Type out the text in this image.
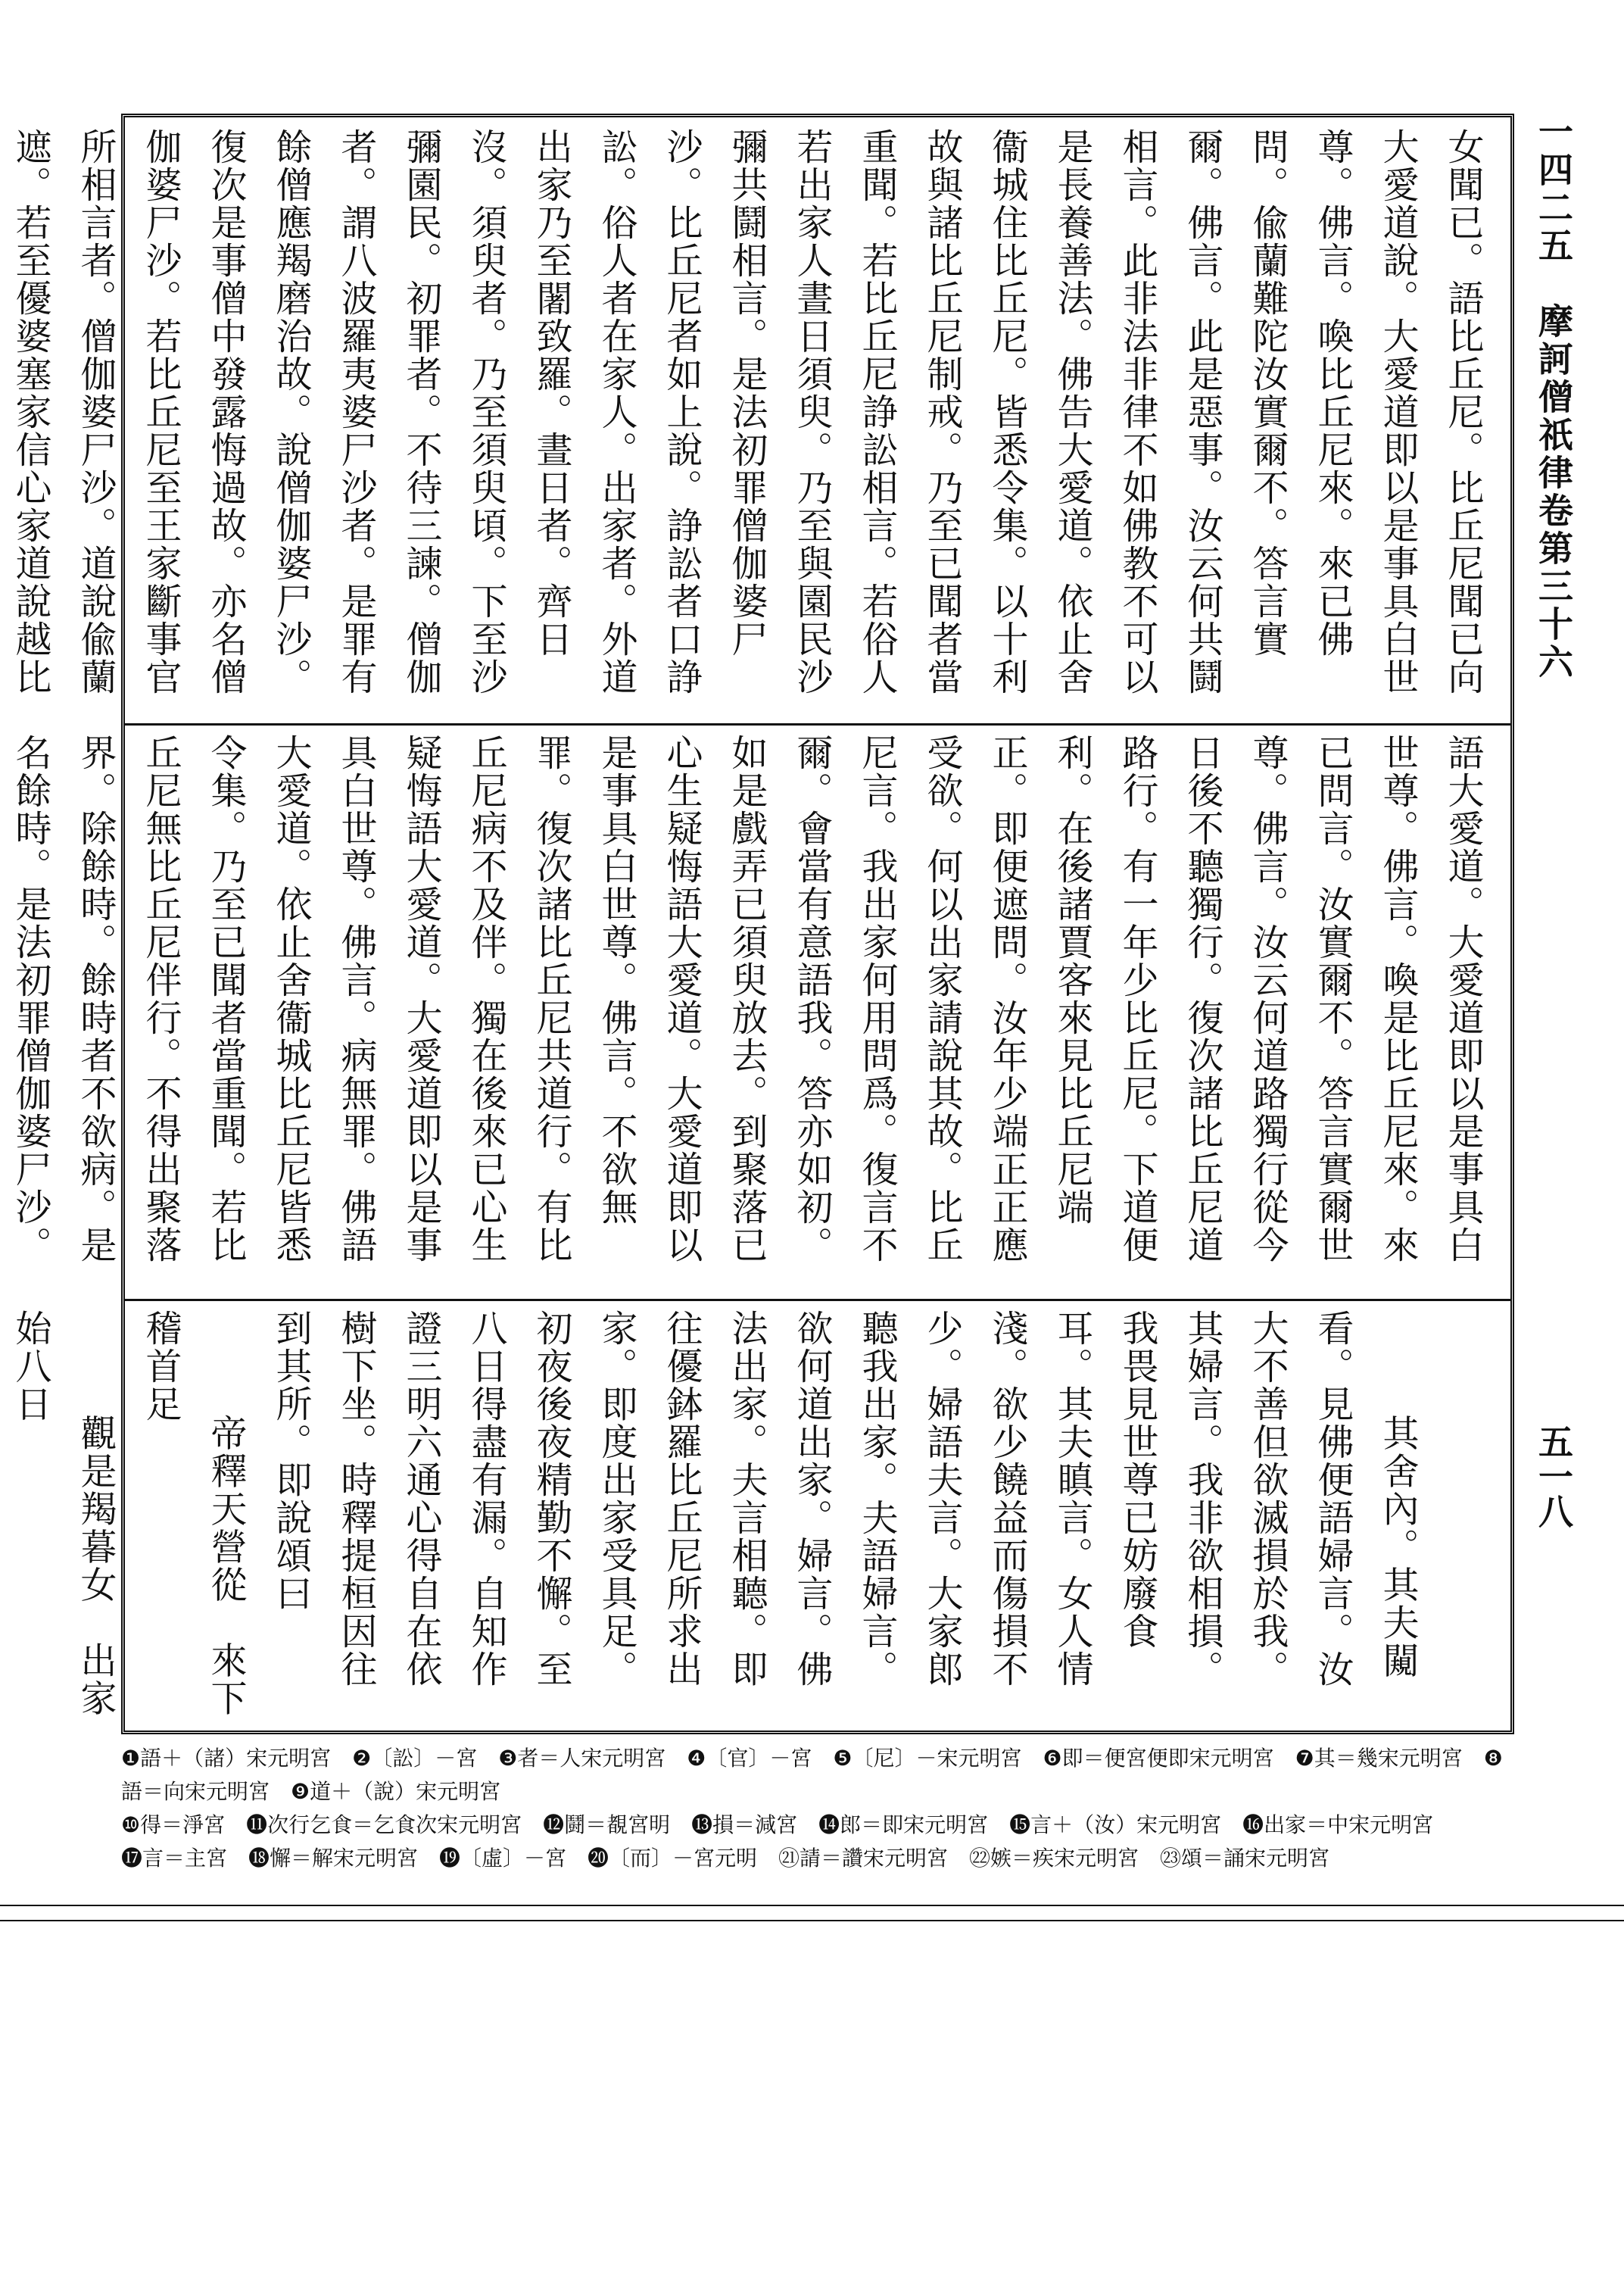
一四二五　摩訶僧祇律卷第三十六
五一八
女聞已。語比丘尼。比丘尼聞已向大愛道說。大愛道即以是事具白世尊。佛言。喚比丘尼來。來已佛問。偸蘭難陀汝實爾不。答言實爾。佛言。此是惡事。汝云何共鬪相言。此非法非律不如佛教不可以是長養善法。佛告大愛道。依止舍衞城住比丘尼。皆悉令集。以十利故與諸比丘尼制戒。乃至已聞者當重聞。若比丘尼諍訟相言。若俗人若出家人晝日須臾。乃至與園民沙彌共鬪相言。是法初罪僧伽婆尸沙。比丘尼者如上說。諍訟者口諍訟。俗人者在家人。出家者。外道出家乃至闍致羅。晝日者。齊日沒。須臾者。乃至須臾頃。下至沙彌園民。初罪者。不待三諫。僧伽者。謂八波羅夷婆尸沙者。是罪有餘僧應羯磨治故。說僧伽婆尸沙。復次是事僧中發露悔過故。亦名僧伽婆尸沙。若比丘尼至王家斷事官所相言者。僧伽婆尸沙。道說偸蘭遮。若至優婆塞家信心家道說越比
語大愛道。大愛道即以是事具白世尊。佛言。喚是比丘尼來。來已問言。汝實爾不。答言實爾世尊。佛言。汝云何道路獨行從今日後不聽獨行。復次諸比丘尼道路行。有一年少比丘尼。下道便利。在後諸賈客來見比丘尼端正。即便遮問。汝年少端正正應受欲。何以出家請說其故。比丘尼言。我出家何用問爲。復言不爾。會當有意語我。答亦如初。如是戲弄已須臾放去。到聚落已心生疑悔語大愛道。大愛道即以是事具白世尊。佛言。不欲無罪。復次諸比丘尼共道行。有比丘尼病不及伴。獨在後來已心生疑悔語大愛道。大愛道即以是事具白世尊。佛言。病無罪。佛語大愛道。依止舍衞城比丘尼皆悉令集。乃至已聞者當重聞。若比丘尼無比丘尼伴行。不得出聚落界。除餘時。餘時者不欲病。是名餘時。是法初罪僧伽婆尸沙。

其舍內。其夫闚看。見佛便語婦言。汝大不善但欲滅損於我。其婦言。我非欲相損。我畏見世尊已妨廢食耳。其夫瞋言。女人情淺。欲少饒益而傷損不少。婦語夫言。大家郎聽我出家。夫語婦言。欲何道出家。婦言。佛法出家。夫言相聽。即往優鉢羅比丘尼所求出家。即度出家受具足。初夜後夜精勤不懈。至八日得盡有漏。自知作證三明六通心得自在依樹下坐。時釋提桓因往到其所。即說頌曰
帝釋天營從　來下稽首足
觀是羯暮女　出家始八日

❶語＋（諸）宋元明宮　❷〔訟〕－宮　❸者＝人宋元明宮　❹〔官〕－宮　❺〔尼〕－宋元明宮　❻即＝便宮便即宋元明宮　❼其＝幾宋元明宮　❽語＝向宋元明宮　❾道＋（說）宋元明宮
❿得＝淨宮　⓫次行乞食＝乞食次宋元明宮　⓬鬪＝覩宮明　⓭損＝減宮　⓮郎＝即宋元明宮　⓯言＋（汝）宋元明宮　⓰出家＝中宋元明宮
⓱言＝主宮　⓲懈＝解宋元明宮　⓳〔虛〕－宮　⓴〔而〕－宮元明　㉑請＝讚宋元明宮　㉒嫉＝疾宋元明宮　㉓頌＝誦宋元明宮
